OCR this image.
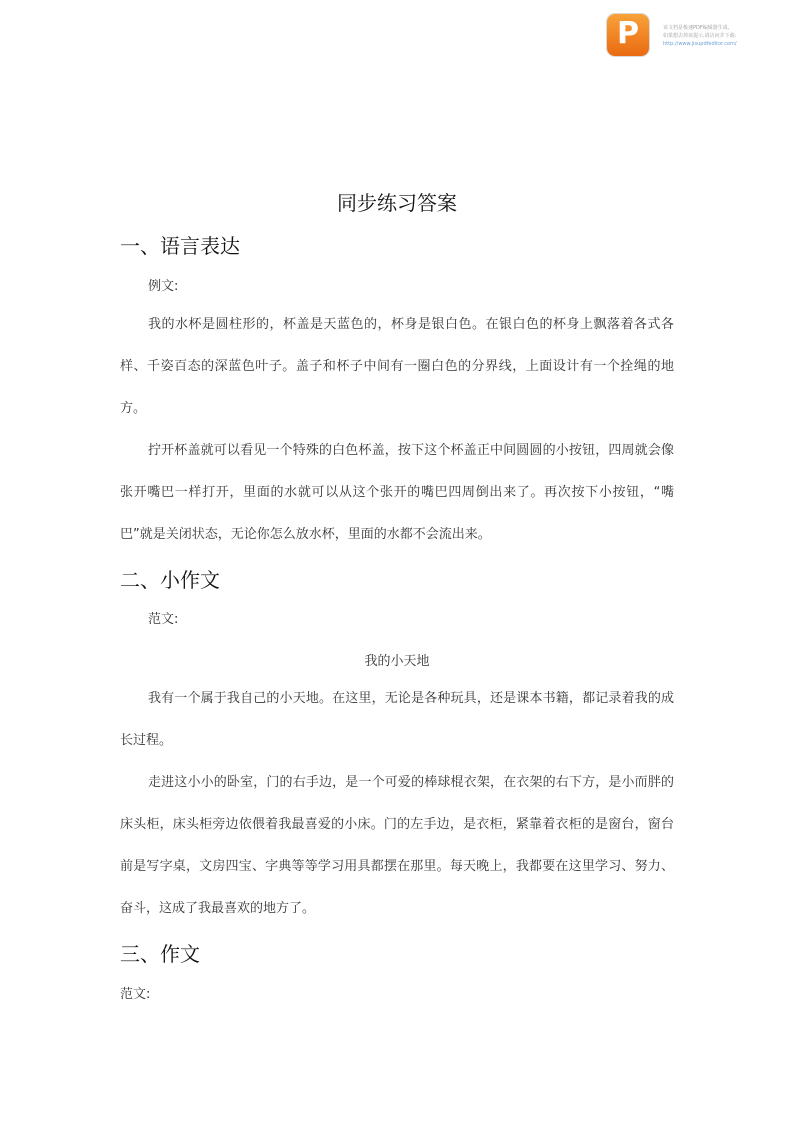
P	该文档是极速PDF编辑器生成,
如果想去掉该提示,请访问并下载:
http://www.jisupdfeditor.com/
同步练习答案
一、语言表达
例文:
我的水杯是圆柱形的，杯盖是天蓝色的，杯身是银白色。在银白色的杯身上飘落着各式各样、千姿百态的深蓝色叶子。盖子和杯子中间有一圈白色的分界线，上面设计有一个拴绳的地方。
拧开杯盖就可以看见一个特殊的白色杯盖，按下这个杯盖正中间圆圆的小按钮，四周就会像张开嘴巴一样打开，里面的水就可以从这个张开的嘴巴四周倒出来了。再次按下小按钮，“嘴巴”就是关闭状态，无论你怎么放水杯，里面的水都不会流出来。
二、小作文
范文:
我的小天地
我有一个属于我自己的小天地。在这里，无论是各种玩具，还是课本书籍，都记录着我的成长过程。
走进这小小的卧室，门的右手边，是一个可爱的棒球棍衣架，在衣架的右下方，是小而胖的床头柜，床头柜旁边依偎着我最喜爱的小床。门的左手边，是衣柜，紧靠着衣柜的是窗台，窗台前是写字桌，文房四宝、字典等等学习用具都摆在那里。每天晚上，我都要在这里学习、努力、奋斗，这成了我最喜欢的地方了。
三、作文
范文:
